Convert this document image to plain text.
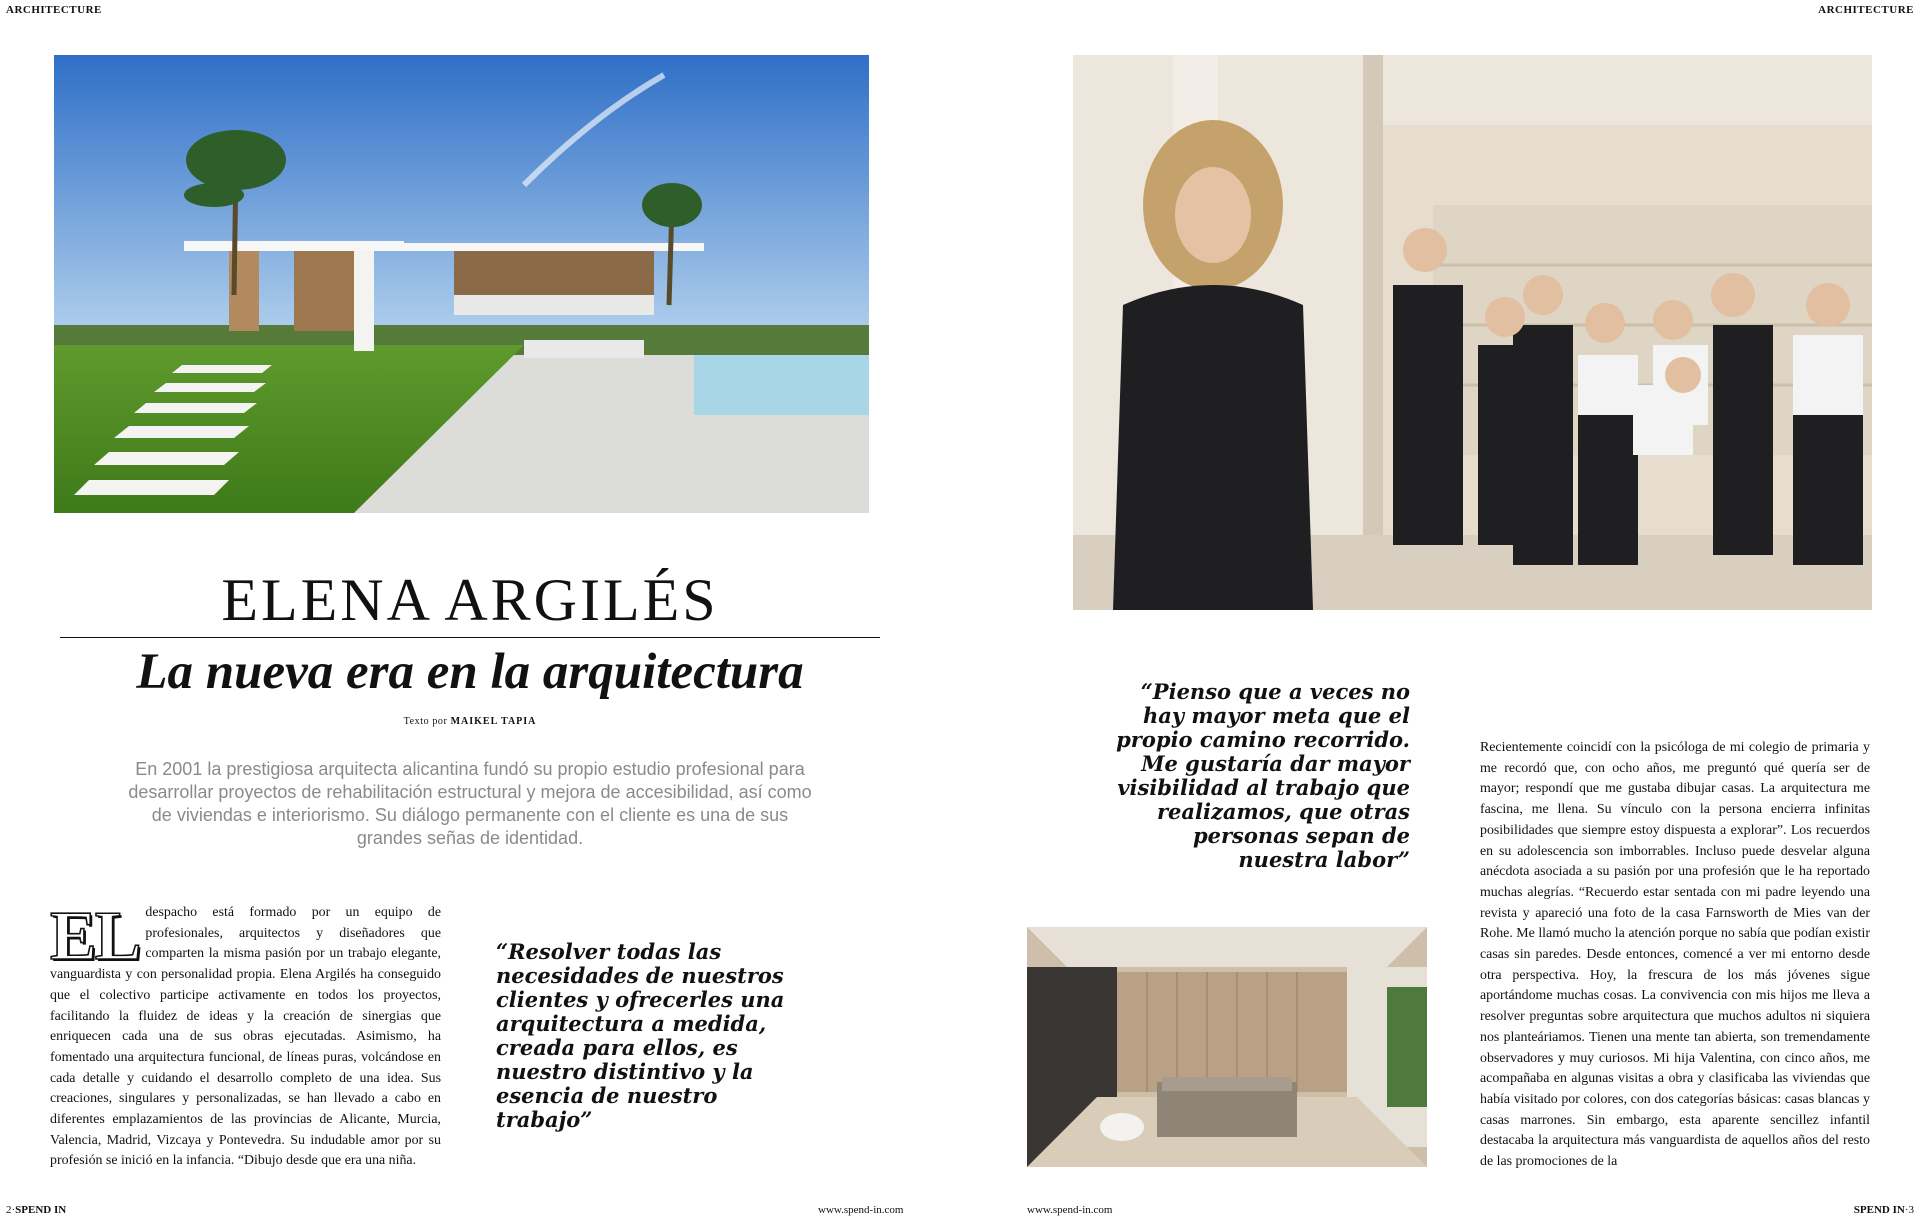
ARCHITECTURE	ARCHITECTURE
ELENA ARGILÉS
La nueva era en la arquitectura
Texto por MAIKEL TAPIA
En 2001 la prestigiosa arquitecta alicantina fundó su propio estudio profesional para desarrollar proyectos de rehabilitación estructural y mejora de accesibilidad, así como de viviendas e interiorismo. Su diálogo permanente con el cliente es una de sus grandes señas de identidad.
EL despacho está formado por un equipo de profesionales, arquitectos y diseñadores que comparten la misma pasión por un trabajo elegante, vanguardista y con personalidad propia. Elena Argilés ha conseguido que el colectivo participe activamente en todos los proyectos, facilitando la fluidez de ideas y la creación de sinergias que enriquecen cada una de sus obras ejecutadas. Asimismo, ha fomentado una arquitectura funcional, de líneas puras, volcándose en cada detalle y cuidando el desarrollo completo de una idea. Sus creaciones, singulares y personalizadas, se han llevado a cabo en diferentes emplazamientos de las provincias de Alicante, Murcia, Valencia, Madrid, Vizcaya y Pontevedra. Su indudable amor por su profesión se inició en la infancia. “Dibujo desde que era una niña.
“Resolver todas las necesidades de nuestros clientes y ofrecerles una arquitectura a medida, creada para ellos, es nuestro distintivo y la esencia de nuestro trabajo”
2·SPEND IN	www.spend-in.com
“Pienso que a veces no hay mayor meta que el propio camino recorrido. Me gustaría dar mayor visibilidad al trabajo que realizamos, que otras personas sepan de nuestra labor”
Recientemente coincidí con la psicóloga de mi colegio de primaria y me recordó que, con ocho años, me preguntó qué quería ser de mayor; respondí que me gustaba dibujar casas. La arquitectura me fascina, me llena. Su vínculo con la persona encierra infinitas posibilidades que siempre estoy dispuesta a explorar”. Los recuerdos en su adolescencia son imborrables. Incluso puede desvelar alguna anécdota asociada a su pasión por una profesión que le ha reportado muchas alegrías. “Recuerdo estar sentada con mi padre leyendo una revista y apareció una foto de la casa Farnsworth de Mies van der Rohe. Me llamó mucho la atención porque no sabía que podían existir casas sin paredes. Desde entonces, comencé a ver mi entorno desde otra perspectiva. Hoy, la frescura de los más jóvenes sigue aportándome muchas cosas. La convivencia con mis hijos me lleva a resolver preguntas sobre arquitectura que muchos adultos ni siquiera nos planteáriamos. Tienen una mente tan abierta, son tremendamente observadores y muy curiosos. Mi hija Valentina, con cinco años, me acompañaba en algunas visitas a obra y clasificaba las viviendas que había visitado por colores, con dos categorías básicas: casas blancas y casas marrones. Sin embargo, esta aparente sencillez infantil destacaba la arquitectura más vanguardista de aquellos años del resto de las promociones de la
www.spend-in.com	SPEND IN·3
